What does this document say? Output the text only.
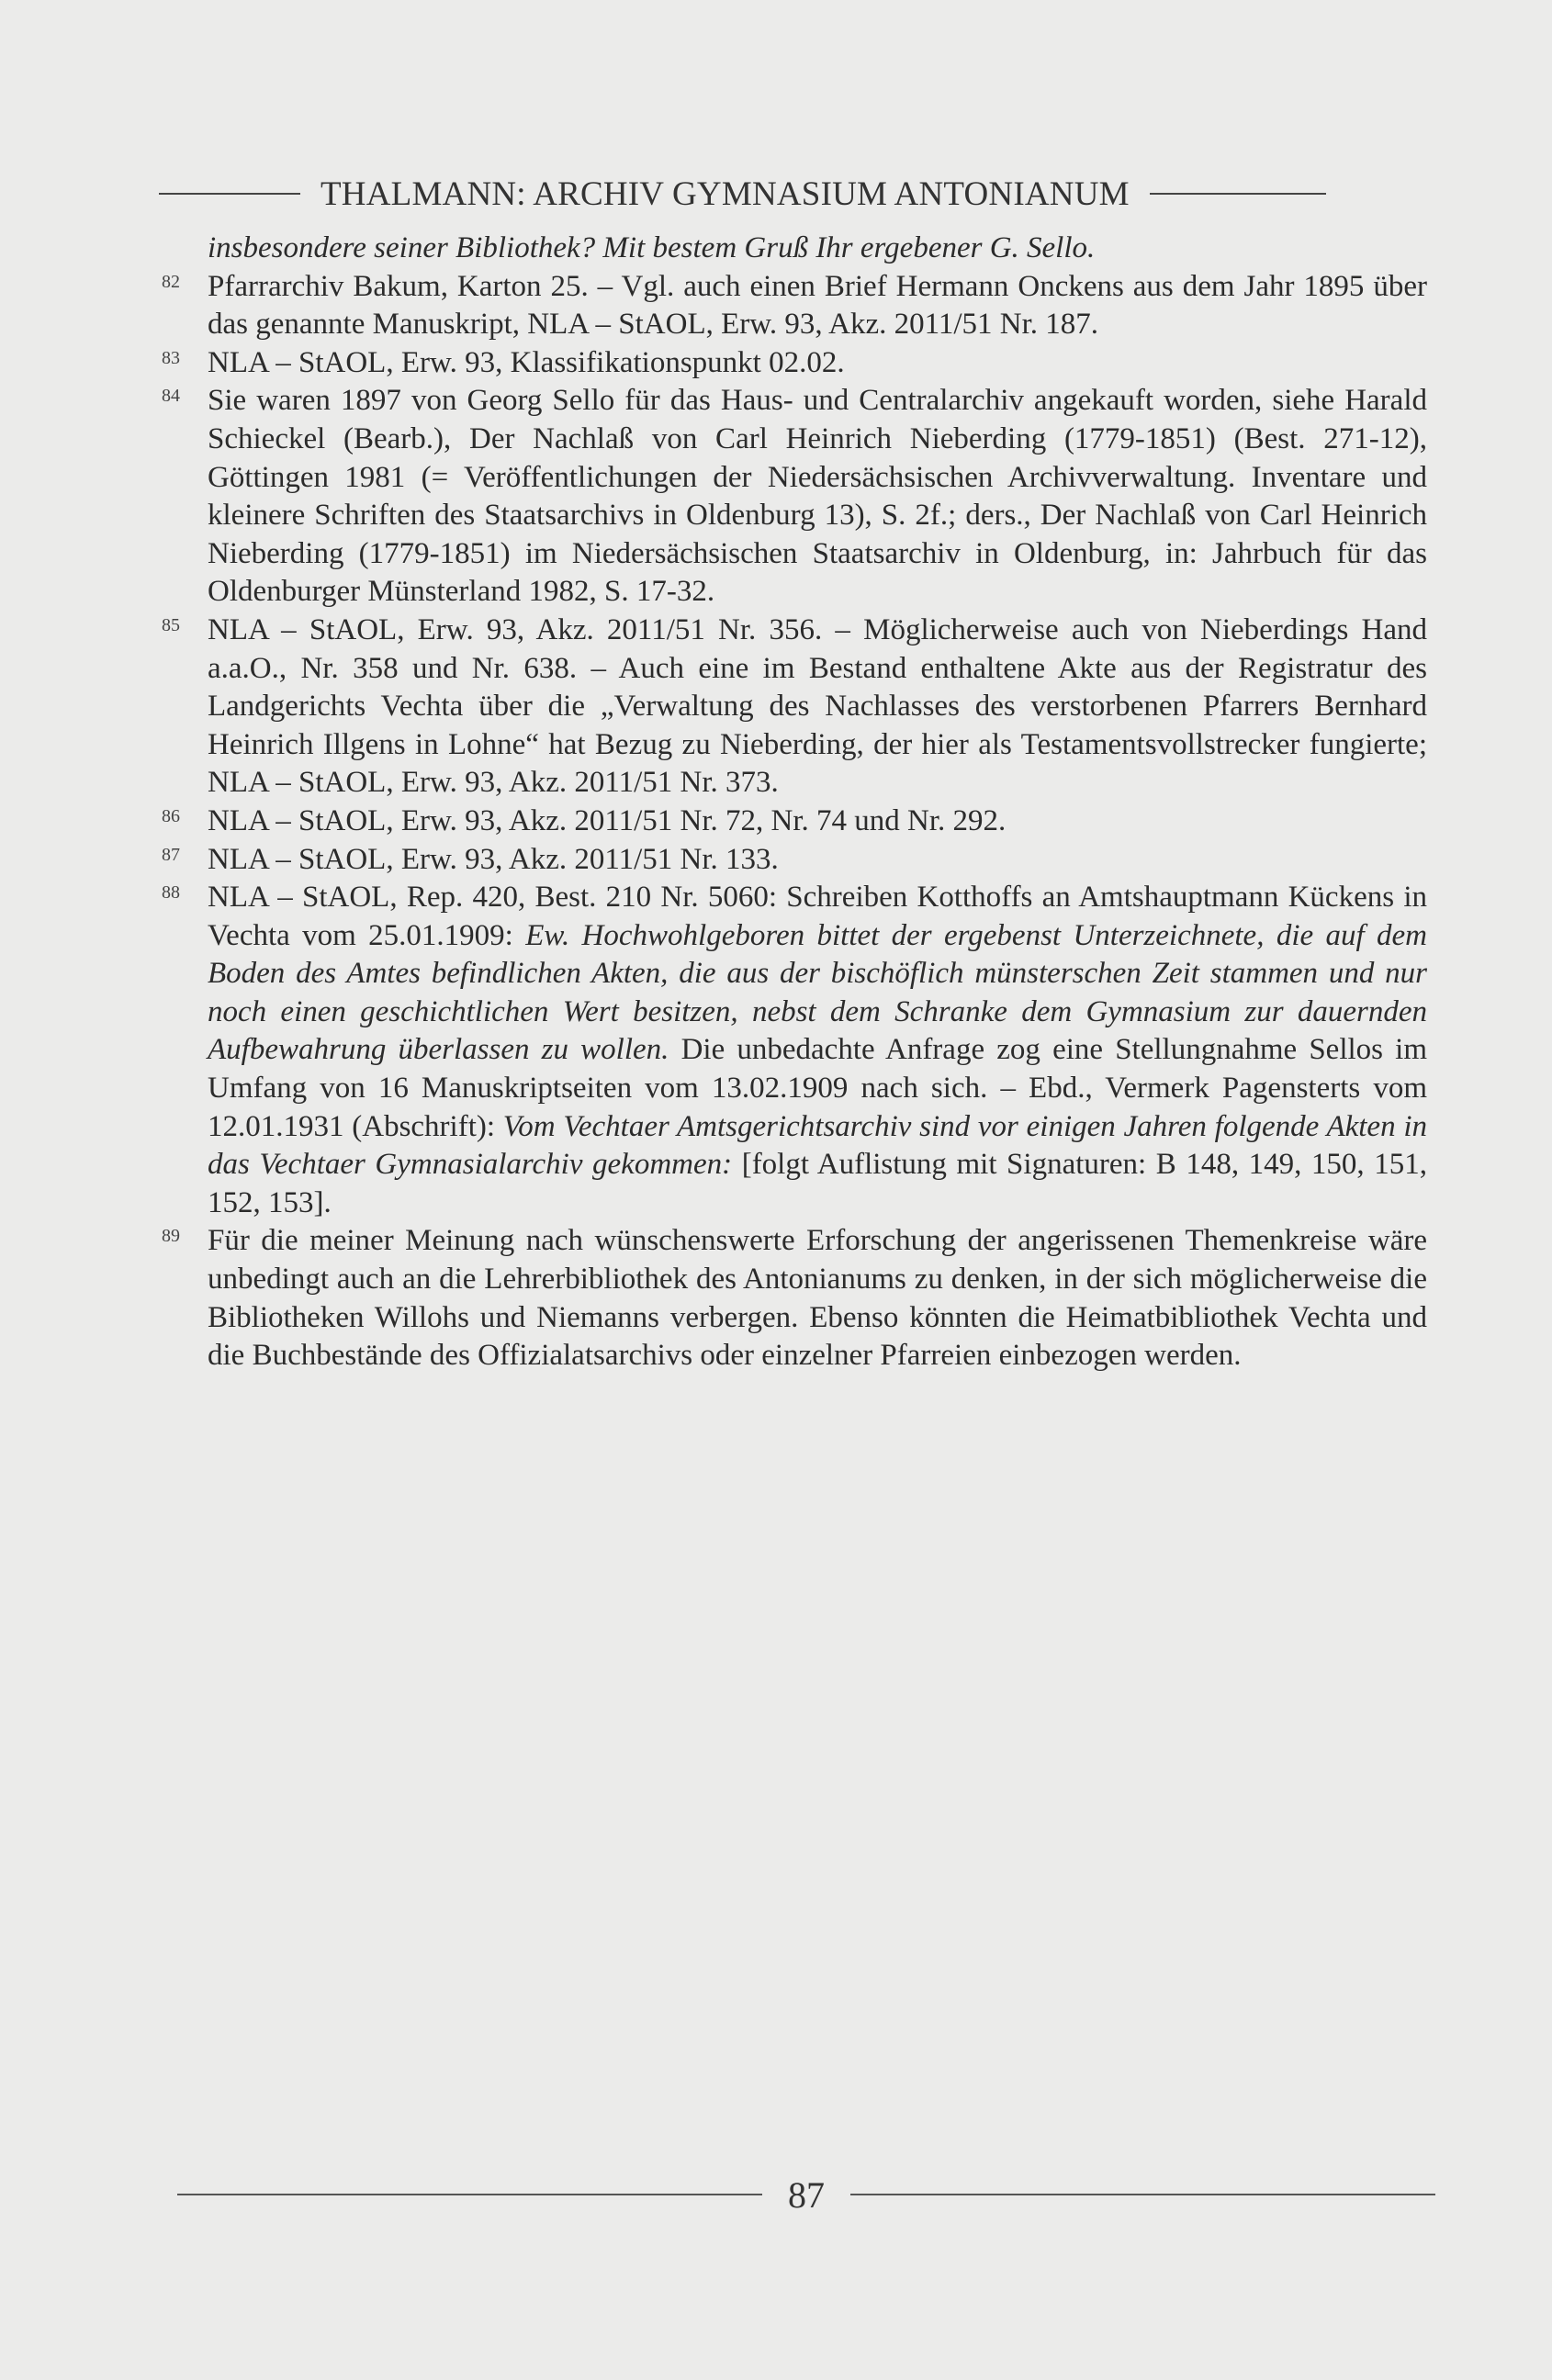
THALMANN: ARCHIV GYMNASIUM ANTONIANUM

insbesondere seiner Bibliothek? Mit bestem Gruß Ihr ergebener G. Sello.

82 Pfarrarchiv Bakum, Karton 25. – Vgl. auch einen Brief Hermann Onckens aus dem Jahr 1895 über das genannte Manuskript, NLA – StAOL, Erw. 93, Akz. 2011/51 Nr. 187.

83 NLA – StAOL, Erw. 93, Klassifikationspunkt 02.02.

84 Sie waren 1897 von Georg Sello für das Haus- und Centralarchiv angekauft worden, siehe Harald Schieckel (Bearb.), Der Nachlaß von Carl Heinrich Nieberding (1779-1851) (Best. 271-12), Göttingen 1981 (= Veröffentlichungen der Niedersächsischen Archivverwaltung. Inventare und kleinere Schriften des Staatsarchivs in Oldenburg 13), S. 2f.; ders., Der Nachlaß von Carl Heinrich Nieberding (1779-1851) im Niedersächsischen Staatsarchiv in Oldenburg, in: Jahrbuch für das Oldenburger Münsterland 1982, S. 17-32.

85 NLA – StAOL, Erw. 93, Akz. 2011/51 Nr. 356. – Möglicherweise auch von Nieberdings Hand a.a.O., Nr. 358 und Nr. 638. – Auch eine im Bestand enthaltene Akte aus der Registratur des Landgerichts Vechta über die „Verwaltung des Nachlasses des verstorbenen Pfarrers Bernhard Heinrich Illgens in Lohne“ hat Bezug zu Nieberding, der hier als Testamentsvollstrecker fungierte; NLA – StAOL, Erw. 93, Akz. 2011/51 Nr. 373.

86 NLA – StAOL, Erw. 93, Akz. 2011/51 Nr. 72, Nr. 74 und Nr. 292.

87 NLA – StAOL, Erw. 93, Akz. 2011/51 Nr. 133.

88 NLA – StAOL, Rep. 420, Best. 210 Nr. 5060: Schreiben Kotthoffs an Amtshauptmann Kückens in Vechta vom 25.01.1909: Ew. Hochwohlgeboren bittet der ergebenst Unterzeichnete, die auf dem Boden des Amtes befindlichen Akten, die aus der bischöflich münsterschen Zeit stammen und nur noch einen geschichtlichen Wert besitzen, nebst dem Schranke dem Gymnasium zur dauernden Aufbewahrung überlassen zu wollen. Die unbedachte Anfrage zog eine Stellungnahme Sellos im Umfang von 16 Manuskriptseiten vom 13.02.1909 nach sich. – Ebd., Vermerk Pagensterts vom 12.01.1931 (Abschrift): Vom Vechtaer Amtsgerichtsarchiv sind vor einigen Jahren folgende Akten in das Vechtaer Gymnasialarchiv gekommen: [folgt Auflistung mit Signaturen: B 148, 149, 150, 151, 152, 153].

89 Für die meiner Meinung nach wünschenswerte Erforschung der angerissenen Themenkreise wäre unbedingt auch an die Lehrerbibliothek des Antonianums zu denken, in der sich möglicherweise die Bibliotheken Willohs und Niemanns verbergen. Ebenso könnten die Heimatbibliothek Vechta und die Buchbestände des Offizialatsarchivs oder einzelner Pfarreien einbezogen werden.

87
